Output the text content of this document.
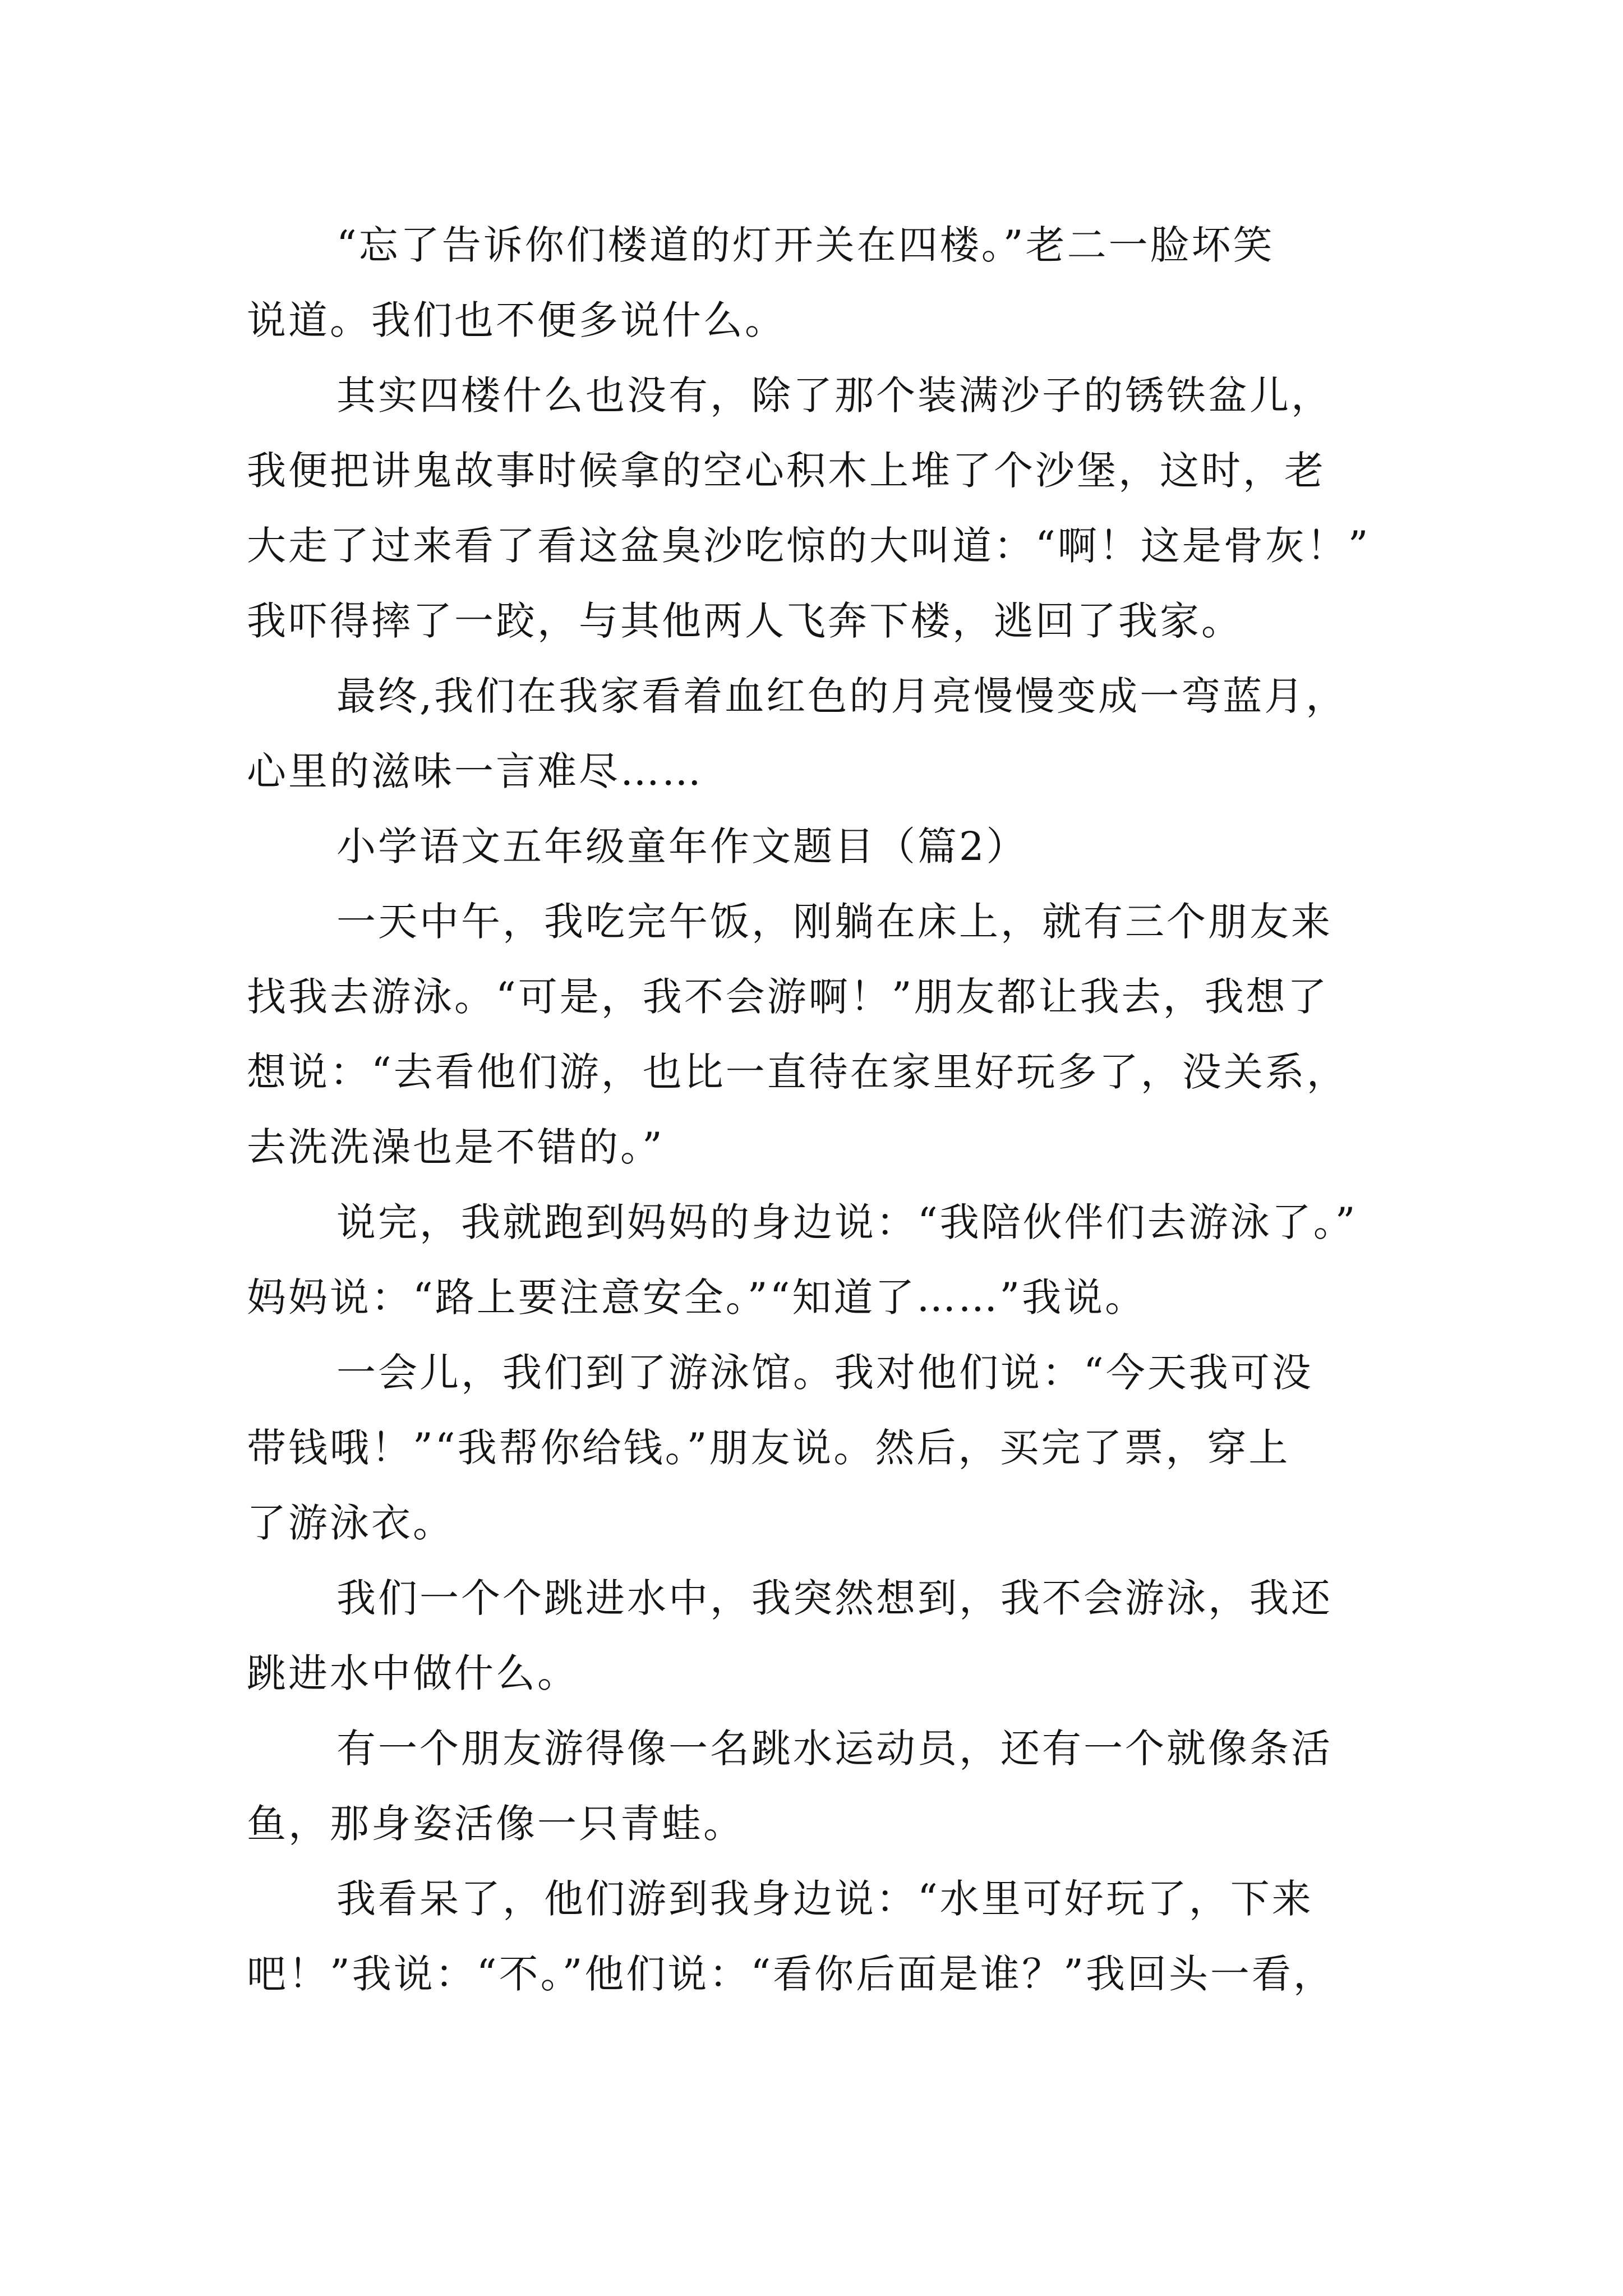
“忘了告诉你们楼道的灯开关在四楼。”老二一脸坏笑
说道。我们也不便多说什么。
其实四楼什么也没有，除了那个装满沙子的锈铁盆儿，
我便把讲鬼故事时候拿的空心积木上堆了个沙堡，这时，老
大走了过来看了看这盆臭沙吃惊的大叫道：“啊！这是骨灰！”
我吓得摔了一跤，与其他两人飞奔下楼，逃回了我家。
最终,我们在我家看着血红色的月亮慢慢变成一弯蓝月，
心里的滋味一言难尽……
小学语文五年级童年作文题目（篇2）
一天中午，我吃完午饭，刚躺在床上，就有三个朋友来
找我去游泳。“可是，我不会游啊！”朋友都让我去，我想了
想说：“去看他们游，也比一直待在家里好玩多了，没关系，
去洗洗澡也是不错的。”
说完，我就跑到妈妈的身边说：“我陪伙伴们去游泳了。”
妈妈说：“路上要注意安全。”“知道了……”我说。
一会儿，我们到了游泳馆。我对他们说：“今天我可没
带钱哦！”“我帮你给钱。”朋友说。然后，买完了票，穿上
了游泳衣。
我们一个个跳进水中，我突然想到，我不会游泳，我还
跳进水中做什么。
有一个朋友游得像一名跳水运动员，还有一个就像条活
鱼，那身姿活像一只青蛙。
我看呆了，他们游到我身边说：“水里可好玩了，下来
吧！”我说：“不。”他们说：“看你后面是谁？”我回头一看，
